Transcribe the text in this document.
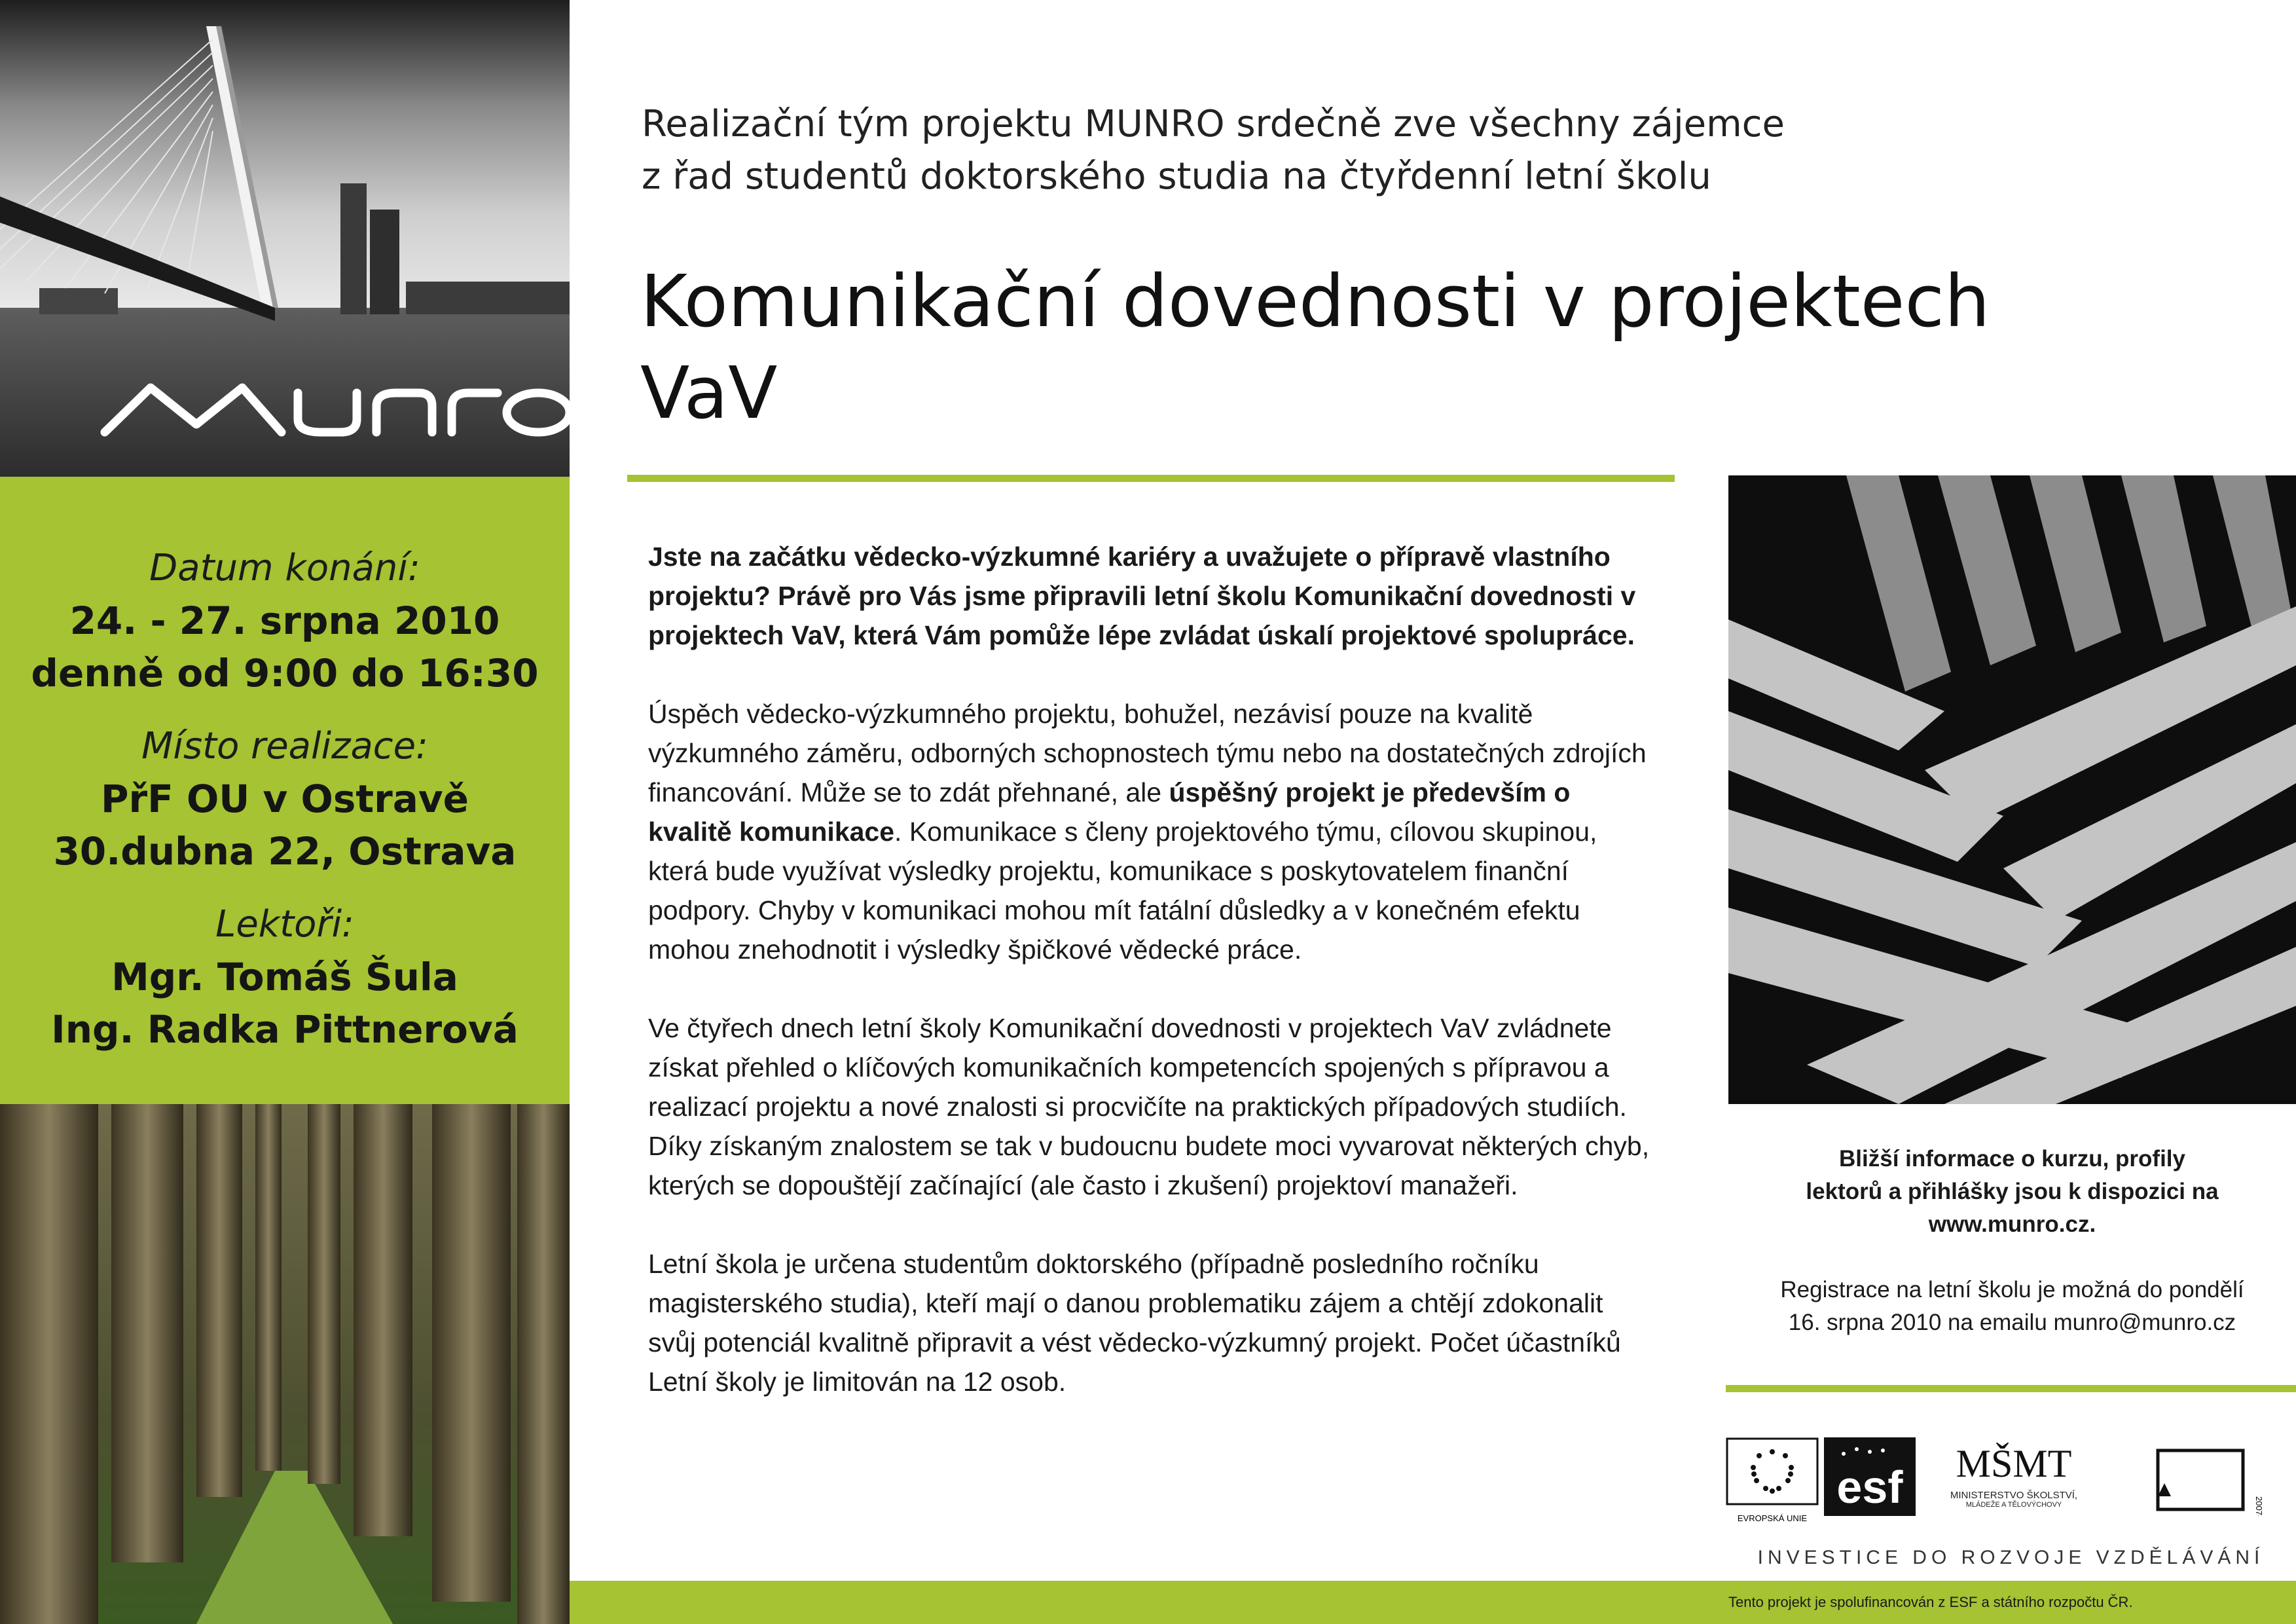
MUNRO
Datum konání:
24. - 27. srpna 2010
denně od 9:00 do 16:30
Místo realizace:
PřF OU v Ostravě
30.dubna 22, Ostrava
Lektoři:
Mgr. Tomáš Šula
Ing. Radka Pittnerová
Realizační tým projektu MUNRO srdečně zve všechny zájemce
z řad studentů doktorského studia na čtyřdenní letní školu
Komunikační dovednosti v projektech VaV

Jste na začátku vědecko-výzkumné kariéry a uvažujete o přípravě vlastního projektu? Právě pro Vás jsme připravili letní školu Komunikační dovednosti v projektech VaV, která Vám pomůže lépe zvládat úskalí projektové spolupráce.

Úspěch vědecko-výzkumného projektu, bohužel, nezávisí pouze na kvalitě výzkumného záměru, odborných schopnostech týmu nebo na dostatečných zdrojích financování. Může se to zdát přehnané, ale úspěšný projekt je především o kvalitě komunikace. Komunikace s členy projektového týmu, cílovou skupinou, která bude využívat výsledky projektu, komunikace s poskytovatelem finanční podpory. Chyby v komunikaci mohou mít fatální důsledky a v konečném efektu mohou znehodnotit i výsledky špičkové vědecké práce.

Ve čtyřech dnech letní školy Komunikační dovednosti v projektech VaV zvládnete získat přehled o klíčových komunikačních kompetencích spojených s přípravou a realizací projektu a nové znalosti si procvičíte na praktických případových studiích. Díky získaným znalostem se tak v budoucnu budete moci vyvarovat některých chyb, kterých se dopouštějí začínající (ale často i zkušení) projektoví manažeři.

Letní škola je určena studentům doktorského (případně posledního ročníku magisterského studia), kteří mají o danou problematiku zájem a chtějí zdokonalit svůj potenciál kvalitně připravit a vést vědecko-výzkumný projekt. Počet účastníků Letní školy je limitován na 12 osob.

Bližší informace o kurzu, profily
lektorů a přihlášky jsou k dispozici na
www.munro.cz.
Registrace na letní školu je možná do pondělí
16. srpna 2010 na emailu munro@munro.cz
EVROPSKÁ UNIE
esf MŠMT
MINISTERSTVO ŠKOLSTVÍ,
MLÁDEŽE A TĚLOVÝCHOVY	2007-13
INVESTICE DO ROZVOJE VZDĚLÁVÁNÍ
Tento projekt je spolufinancován z ESF a státního rozpočtu ČR.
